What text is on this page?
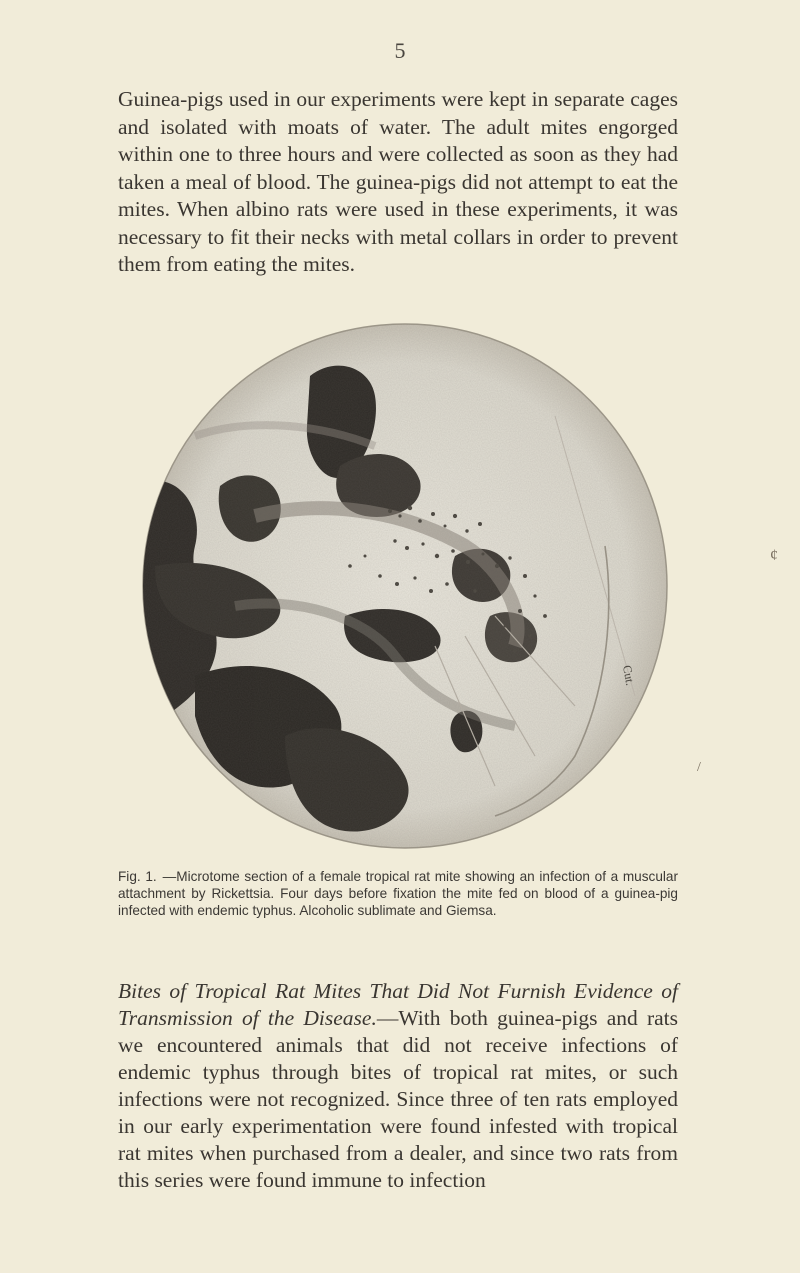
5

Guinea-pigs used in our experiments were kept in separate cages and isolated with moats of water. The adult mites engorged within one to three hours and were collected as soon as they had taken a meal of blood. The guinea-pigs did not attempt to eat the mites. When albino rats were used in these experiments, it was necessary to fit their necks with metal collars in order to prevent them from eating the mites.

Cut.
¢
/

Fig. 1. —Microtome section of a female tropical rat mite showing an infection of a muscular attachment by Rickettsia. Four days before fixation the mite fed on blood of a guinea-pig infected with endemic typhus. Alcoholic sublimate and Giemsa.

Bites of Tropical Rat Mites That Did Not Furnish Evidence of Transmission of the Disease.—With both guinea-pigs and rats we encountered animals that did not receive infections of endemic typhus through bites of tropical rat mites, or such infections were not recognized. Since three of ten rats employed in our early experimentation were found infested with tropical rat mites when purchased from a dealer, and since two rats from this series were found immune to infection
